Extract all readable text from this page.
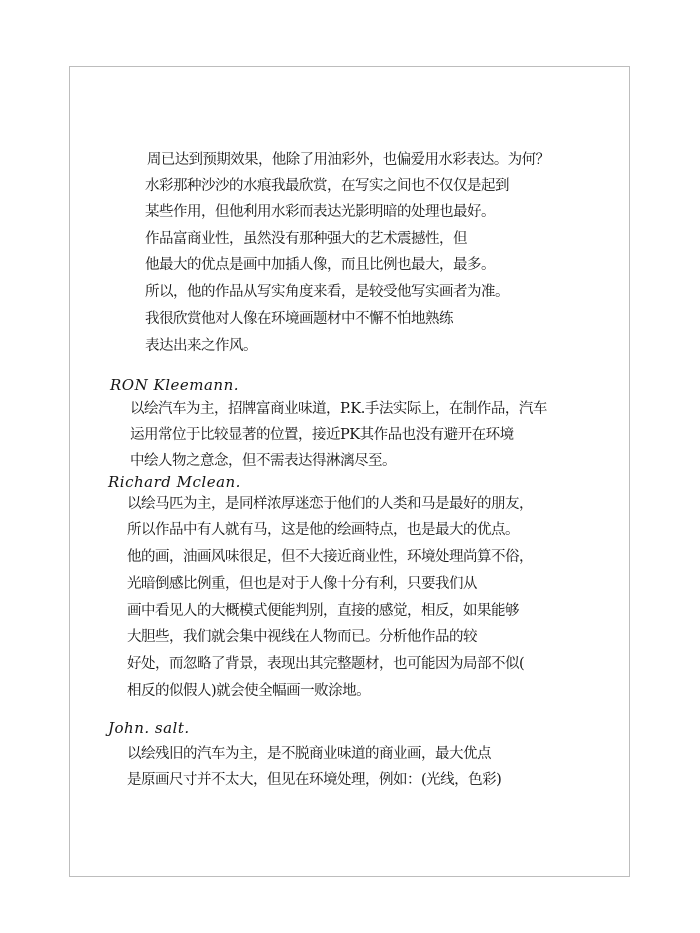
周已达到预期效果，他除了用油彩外，也偏爱用水彩表达。为何？
水彩那种沙沙的水痕我最欣赏，在写实之间也不仅仅是起到
某些作用，但他利用水彩而表达光影明暗的处理也最好。
作品富商业性，虽然没有那种强大的艺术震撼性，但
他最大的优点是画中加插人像，而且比例也最大，最多。
所以，他的作品从写实角度来看，是较受他写实画者为准。
我很欣赏他对人像在环境画题材中不懈不怕地熟练
表达出来之作风。
RON Kleemann.
以绘汽车为主，招牌富商业味道，P.K.手法实际上，在制作品，汽车
运用常位于比较显著的位置，接近PK其作品也没有避开在环境
中绘人物之意念，但不需表达得淋漓尽至。
Richard Mclean.
以绘马匹为主，是同样浓厚迷恋于他们的人类和马是最好的朋友，
所以作品中有人就有马，这是他的绘画特点，也是最大的优点。
他的画，油画风味很足，但不大接近商业性，环境处理尚算不俗，
光暗倒感比例重，但也是对于人像十分有利，只要我们从
画中看见人的大概模式便能判别，直接的感觉，相反，如果能够
大胆些，我们就会集中视线在人物而已。分析他作品的较
好处，而忽略了背景，表现出其完整题材，也可能因为局部不似(
相反的似假人)就会使全幅画一败涂地。
John. salt.
以绘残旧的汽车为主，是不脱商业味道的商业画，最大优点
是原画尺寸并不太大，但见在环境处理，例如：(光线，色彩)
